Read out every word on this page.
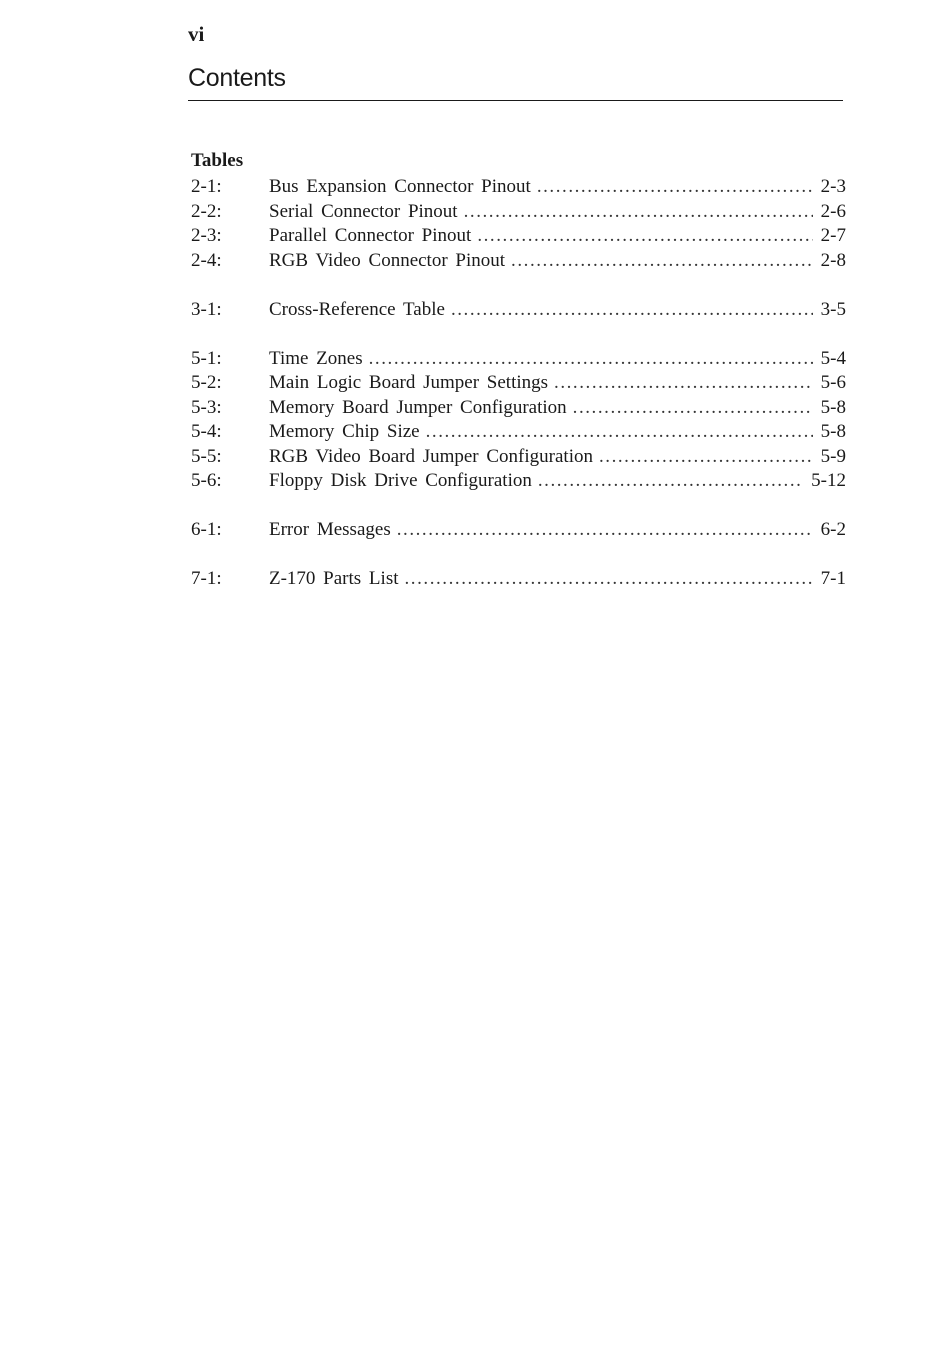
vi
Contents
Tables
2-1:	Bus Expansion Connector Pinout . . .	2-3
2-2:	Serial Connector Pinout . . .	2-6
2-3:	Parallel Connector Pinout . . .	2-7
2-4:	RGB Video Connector Pinout . . .	2-8
3-1:	Cross-Reference Table . . .	3-5
5-1:	Time Zones . . .	5-4
5-2:	Main Logic Board Jumper Settings . . .	5-6
5-3:	Memory Board Jumper Configuration . . .	5-8
5-4:	Memory Chip Size . . .	5-8
5-5:	RGB Video Board Jumper Configuration . . .	5-9
5-6:	Floppy Disk Drive Configuration . . .	5-12
6-1:	Error Messages . . .	6-2
7-1:	Z-170 Parts List . . .	7-1
